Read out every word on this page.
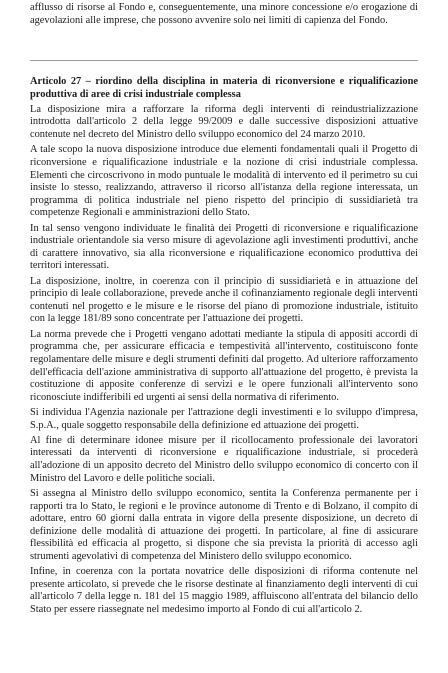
afflusso di risorse al Fondo e, conseguentemente, una minore concessione e/o erogazione di agevolazioni alle imprese, che possono avvenire solo nei limiti di capienza del Fondo.

Articolo 27 – riordino della disciplina in materia di riconversione e riqualificazione produttiva di aree di crisi industriale complessa

La disposizione mira a rafforzare la riforma degli interventi di reindustrializzazione introdotta dall'articolo 2 della legge 99/2009 e dalle successive disposizioni attuative contenute nel decreto del Ministro dello sviluppo economico del 24 marzo 2010.

A tale scopo la nuova disposizione introduce due elementi fondamentali quali il Progetto di riconversione e riqualificazione industriale e la nozione di crisi industriale complessa. Elementi che circoscrivono in modo puntuale le modalità di intervento ed il perimetro su cui insiste lo stesso, realizzando, attraverso il ricorso all'istanza della regione interessata, un programma di politica industriale nel pieno rispetto del principio di sussidiarietà tra competenze Regionali e amministrazioni dello Stato.

In tal senso vengono individuate le finalità dei Progetti di riconversione e riqualificazione industriale orientandole sia verso misure di agevolazione agli investimenti produttivi, anche di carattere innovativo, sia alla riconversione e riqualificazione economico produttiva dei territori interessati.

La disposizione, inoltre, in coerenza con il principio di sussidiarietà e in attuazione del principio di leale collaborazione, prevede anche il cofinanziamento regionale degli interventi contenuti nel progetto e le misure e le risorse del piano di promozione industriale, istituito con la legge 181/89 sono concentrate per l'attuazione dei progetti.

La norma prevede che i Progetti vengano adottati mediante la stipula di appositi accordi di programma che, per assicurare efficacia e tempestività all'intervento, costituiscono fonte regolamentare delle misure e degli strumenti definiti dal progetto. Ad ulteriore rafforzamento dell'efficacia dell'azione amministrativa di supporto all'attuazione del progetto, è prevista la costituzione di apposite conferenze di servizi e le opere funzionali all'intervento sono riconosciute indifferibili ed urgenti ai sensi della normativa di riferimento.

Si individua l'Agenzia nazionale per l'attrazione degli investimenti e lo sviluppo d'impresa, S.p.A., quale soggetto responsabile della definizione ed attuazione dei progetti.

Al fine di determinare idonee misure per il ricollocamento professionale dei lavoratori interessati da interventi di riconversione e riqualificazione industriale, si procederà all'adozione di un apposito decreto del Ministro dello sviluppo economico di concerto con il Ministro del Lavoro e delle politiche sociali.

Si assegna al Ministro dello sviluppo economico, sentita la Conferenza permanente per i rapporti tra lo Stato, le regioni e le province autonome di Trento e di Bolzano, il compito di adottare, entro 60 giorni dalla entrata in vigore della presente disposizione, un decreto di definizione delle modalità di attuazione dei progetti. In particolare, al fine di assicurare flessibilità ed efficacia al progetto, si dispone che sia prevista la priorità di accesso agli strumenti agevolativi di competenza del Ministero dello sviluppo economico.

Infine, in coerenza con la portata novatrice delle disposizioni di riforma contenute nel presente articolato, si prevede che le risorse destinate al finanziamento degli interventi di cui all'articolo 7 della legge n. 181 del 15 maggio 1989, affluiscono all'entrata del bilancio dello Stato per essere riassegnate nel medesimo importo al Fondo di cui all'articolo 2.
